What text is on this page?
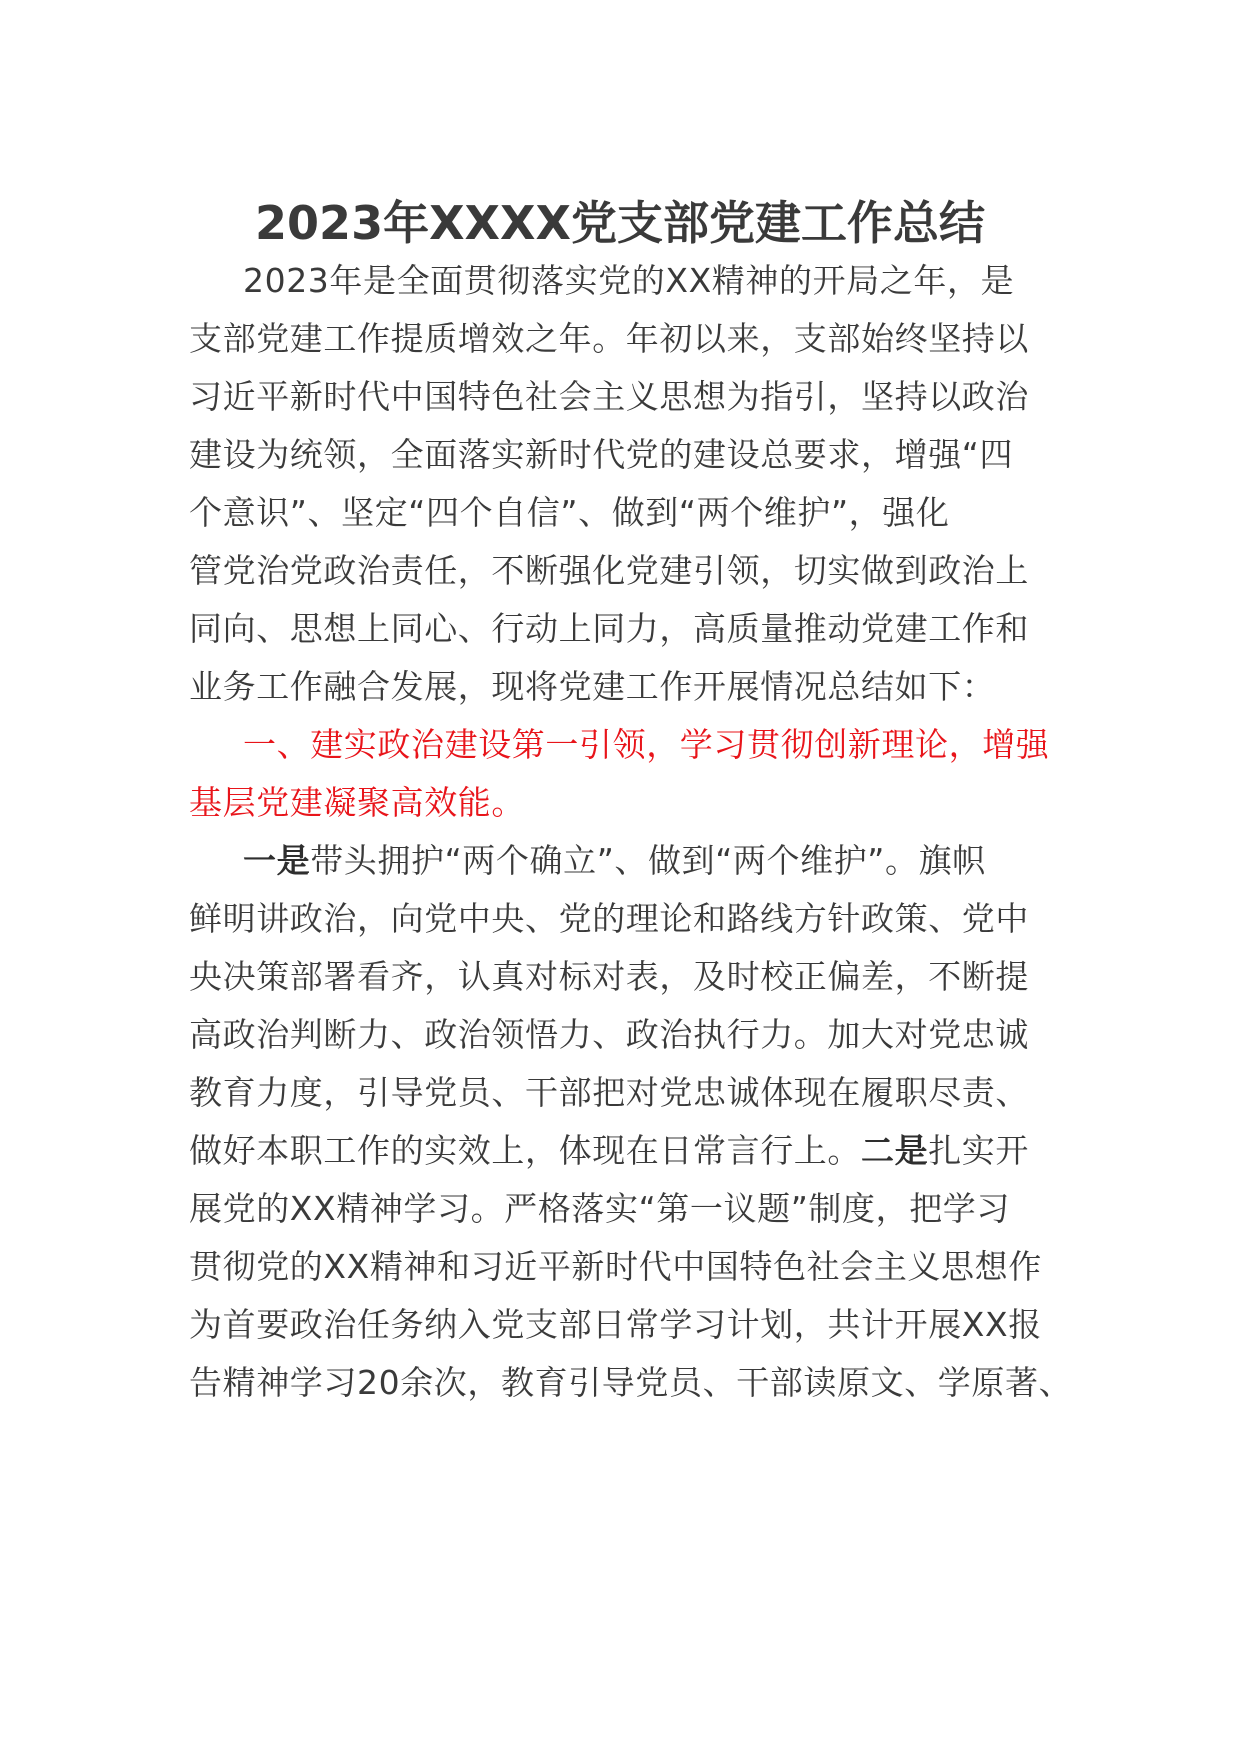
2023年XXXX党支部党建工作总结
2023年是全面贯彻落实党的XX精神的开局之年，是
支部党建工作提质增效之年。年初以来，支部始终坚持以
习近平新时代中国特色社会主义思想为指引，坚持以政治
建设为统领，全面落实新时代党的建设总要求，增强“四
个意识”、坚定“四个自信”、做到“两个维护”，强化
管党治党政治责任，不断强化党建引领，切实做到政治上
同向、思想上同心、行动上同力，高质量推动党建工作和
业务工作融合发展，现将党建工作开展情况总结如下：
一、建实政治建设第一引领，学习贯彻创新理论，增强
基层党建凝聚高效能。
一是带头拥护“两个确立”、做到“两个维护”。旗帜
鲜明讲政治，向党中央、党的理论和路线方针政策、党中
央决策部署看齐，认真对标对表，及时校正偏差，不断提
高政治判断力、政治领悟力、政治执行力。加大对党忠诚
教育力度，引导党员、干部把对党忠诚体现在履职尽责、
做好本职工作的实效上，体现在日常言行上。二是扎实开
展党的XX精神学习。严格落实“第一议题”制度，把学习
贯彻党的XX精神和习近平新时代中国特色社会主义思想作
为首要政治任务纳入党支部日常学习计划，共计开展XX报
告精神学习20余次，教育引导党员、干部读原文、学原著、
